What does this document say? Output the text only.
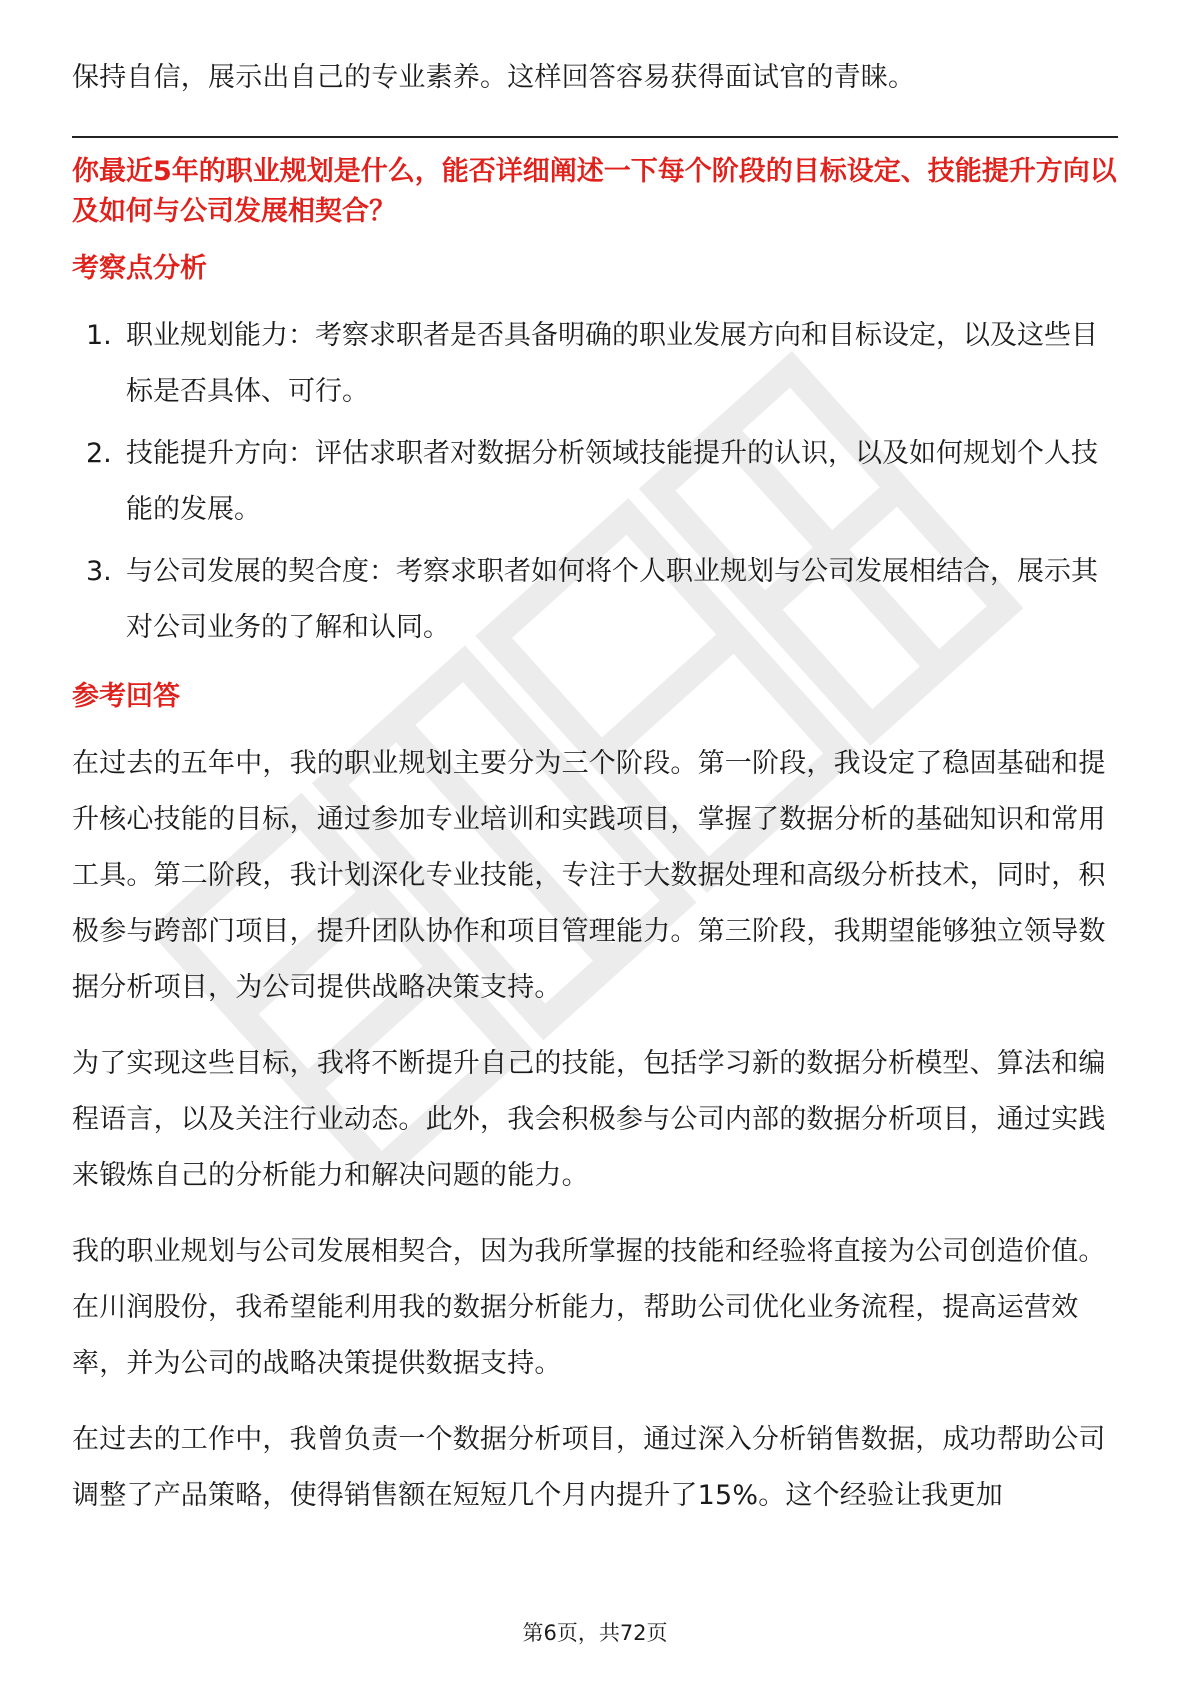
保持自信，展示出自己的专业素养。这样回答容易获得面试官的青睐。

你最近5年的职业规划是什么，能否详细阐述一下每个阶段的目标设定、技能提升方向以及如何与公司发展相契合？
考察点分析
1. 职业规划能力：考察求职者是否具备明确的职业发展方向和目标设定，以及这些目标是否具体、可行。
2. 技能提升方向：评估求职者对数据分析领域技能提升的认识，以及如何规划个人技能的发展。
3. 与公司发展的契合度：考察求职者如何将个人职业规划与公司发展相结合，展示其对公司业务的了解和认同。
参考回答

在过去的五年中，我的职业规划主要分为三个阶段。第一阶段，我设定了稳固基础和提升核心技能的目标，通过参加专业培训和实践项目，掌握了数据分析的基础知识和常用工具。第二阶段，我计划深化专业技能，专注于大数据处理和高级分析技术，同时，积极参与跨部门项目，提升团队协作和项目管理能力。第三阶段，我期望能够独立领导数据分析项目，为公司提供战略决策支持。

为了实现这些目标，我将不断提升自己的技能，包括学习新的数据分析模型、算法和编程语言，以及关注行业动态。此外，我会积极参与公司内部的数据分析项目，通过实践来锻炼自己的分析能力和解决问题的能力。

我的职业规划与公司发展相契合，因为我所掌握的技能和经验将直接为公司创造价值。在川润股份，我希望能利用我的数据分析能力，帮助公司优化业务流程，提高运营效率，并为公司的战略决策提供数据支持。

在过去的工作中，我曾负责一个数据分析项目，通过深入分析销售数据，成功帮助公司调整了产品策略，使得销售额在短短几个月内提升了15%。这个经验让我更加

第6页，共72页
